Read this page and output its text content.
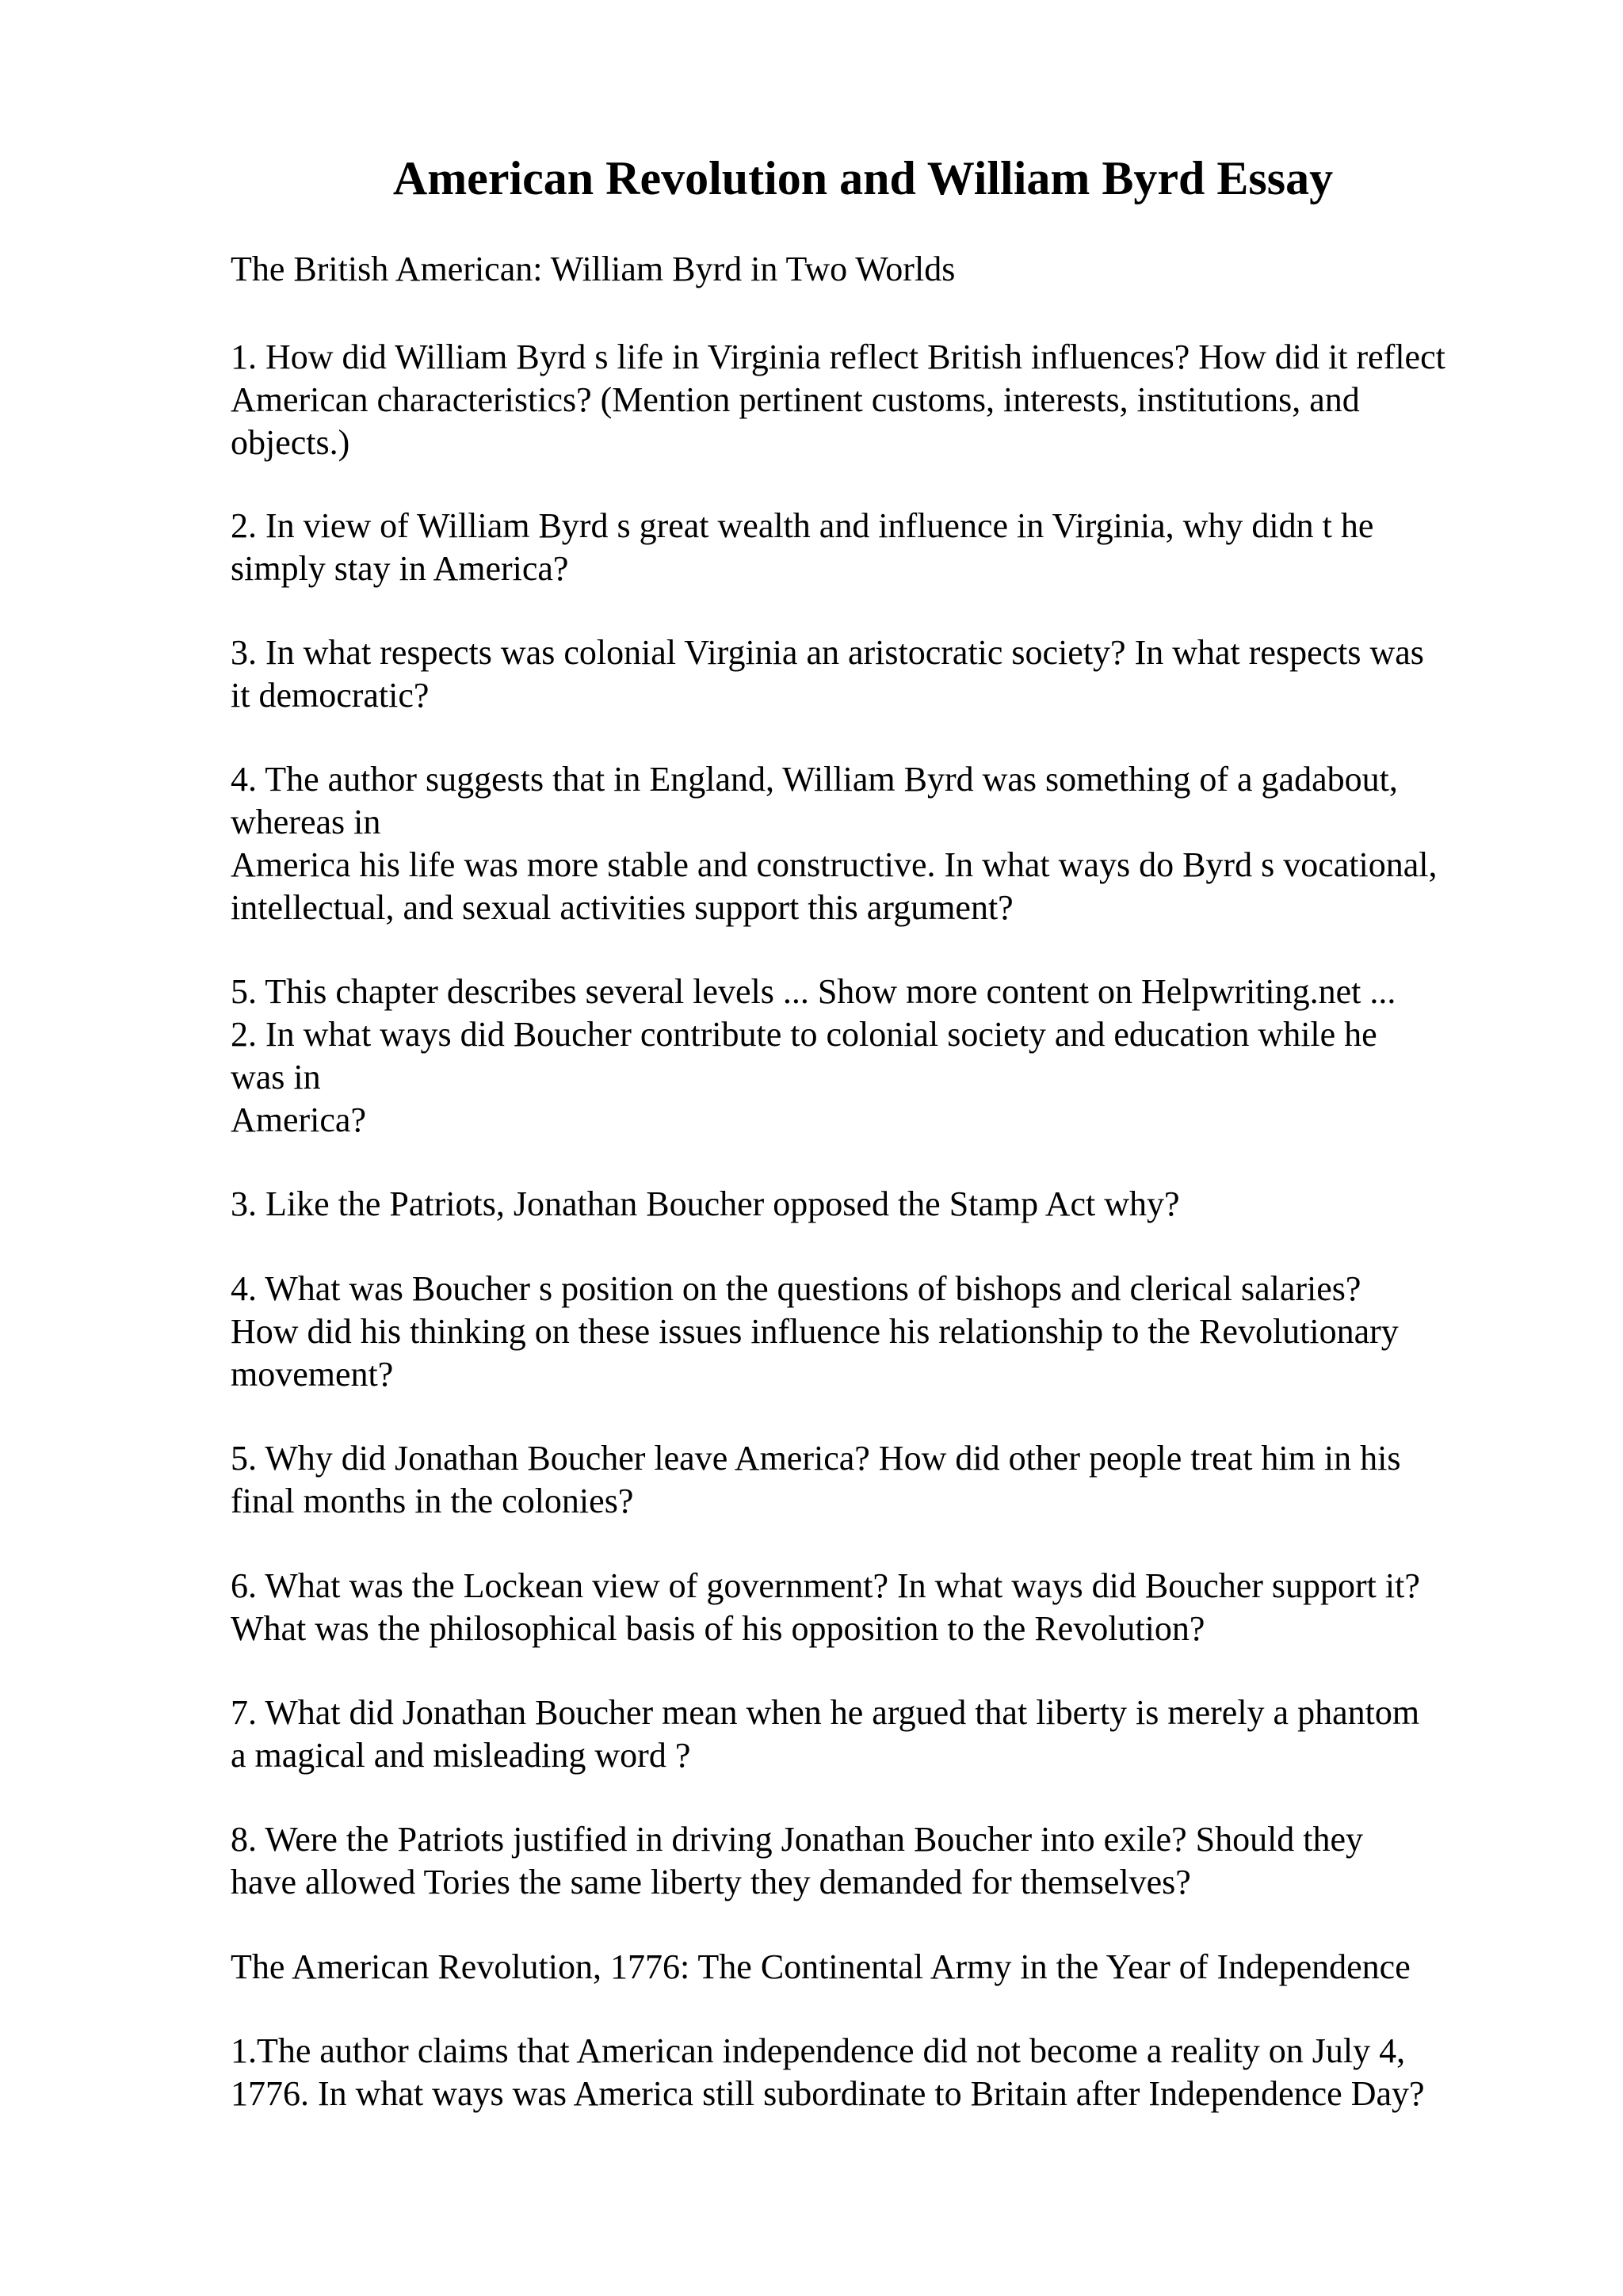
American Revolution and William Byrd Essay
The British American: William Byrd in Two Worlds
1. How did William Byrd s life in Virginia reflect British influences? How did it reflect
American characteristics? (Mention pertinent customs, interests, institutions, and
objects.)
2. In view of William Byrd s great wealth and influence in Virginia, why didn t he
simply stay in America?
3. In what respects was colonial Virginia an aristocratic society? In what respects was
it democratic?
4. The author suggests that in England, William Byrd was something of a gadabout,
whereas in
America his life was more stable and constructive. In what ways do Byrd s vocational,
intellectual, and sexual activities support this argument?
5. This chapter describes several levels ... Show more content on Helpwriting.net ...
2. In what ways did Boucher contribute to colonial society and education while he
was in
America?
3. Like the Patriots, Jonathan Boucher opposed the Stamp Act why?
4. What was Boucher s position on the questions of bishops and clerical salaries?
How did his thinking on these issues influence his relationship to the Revolutionary
movement?
5. Why did Jonathan Boucher leave America? How did other people treat him in his
final months in the colonies?
6. What was the Lockean view of government? In what ways did Boucher support it?
What was the philosophical basis of his opposition to the Revolution?
7. What did Jonathan Boucher mean when he argued that liberty is merely a phantom
a magical and misleading word ?
8. Were the Patriots justified in driving Jonathan Boucher into exile? Should they
have allowed Tories the same liberty they demanded for themselves?
The American Revolution, 1776: The Continental Army in the Year of Independence
1.The author claims that American independence did not become a reality on July 4,
1776. In what ways was America still subordinate to Britain after Independence Day?
